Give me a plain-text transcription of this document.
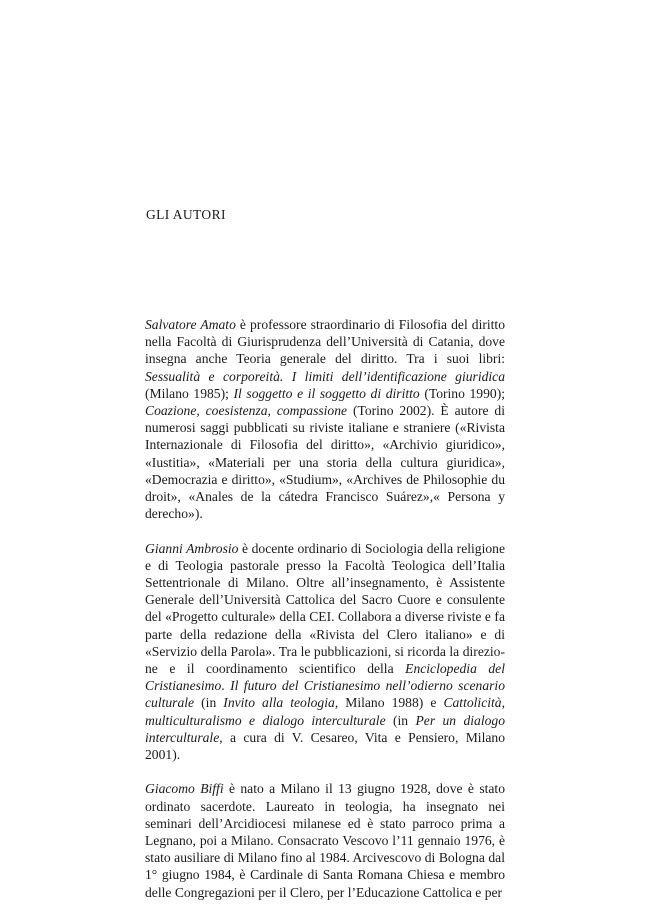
GLI AUTORI

Salvatore Amato è professore straordinario di Filosofia del diritto nella Facoltà di Giurisprudenza dell’Università di Catania, dove insegna anche Teoria generale del diritto. Tra i suoi libri: Sessualità e corporeità. I limiti dell’identificazione giuridica (Milano 1985); Il soggetto e il soggetto di diritto (Torino 1990); Coazione, coesistenza, compassione (Torino 2002). È autore di numerosi saggi pubblicati su riviste italiane e straniere («Rivista Internazionale di Filosofia del diritto», «Archivio giuridico», «Iustitia», «Materiali per una storia della cultura giuridica», «Democrazia e diritto», «Studium», «Archives de Philosophie du droit», «Anales de la cátedra Francisco Suárez»,« Persona y derecho»).

Gianni Ambrosio è docente ordinario di Sociologia della religione e di Teologia pastorale presso la Facoltà Teologica dell’Italia Settentrionale di Milano. Oltre all’insegnamento, è Assistente Generale dell’Università Cattolica del Sacro Cuore e consulente del «Progetto culturale» della CEI. Collabora a diverse riviste e fa parte della redazione della «Rivista del Clero italiano» e di «Servizio della Parola». Tra le pubblicazioni, si ricorda la direzione e il coordinamento scientifico della Enciclopedia del Cristianesimo. Il futuro del Cristianesimo nell’odierno scenario culturale (in Invito alla teologia, Milano 1988) e Cattolicità, multiculturalismo e dialogo interculturale (in Per un dialogo interculturale, a cura di V. Cesareo, Vita e Pensiero, Milano 2001).

Giacomo Biffi è nato a Milano il 13 giugno 1928, dove è stato ordinato sacerdote. Laureato in teologia, ha insegnato nei seminari dell’Arcidiocesi milanese ed è stato parroco prima a Legnano, poi a Milano. Consacrato Vescovo l’11 gennaio 1976, è stato ausiliare di Milano fino al 1984. Arcivescovo di Bologna dal 1° giugno 1984, è Cardinale di Santa Romana Chiesa e membro delle Congregazioni per il Clero, per l’Educazione Cattolica e per
